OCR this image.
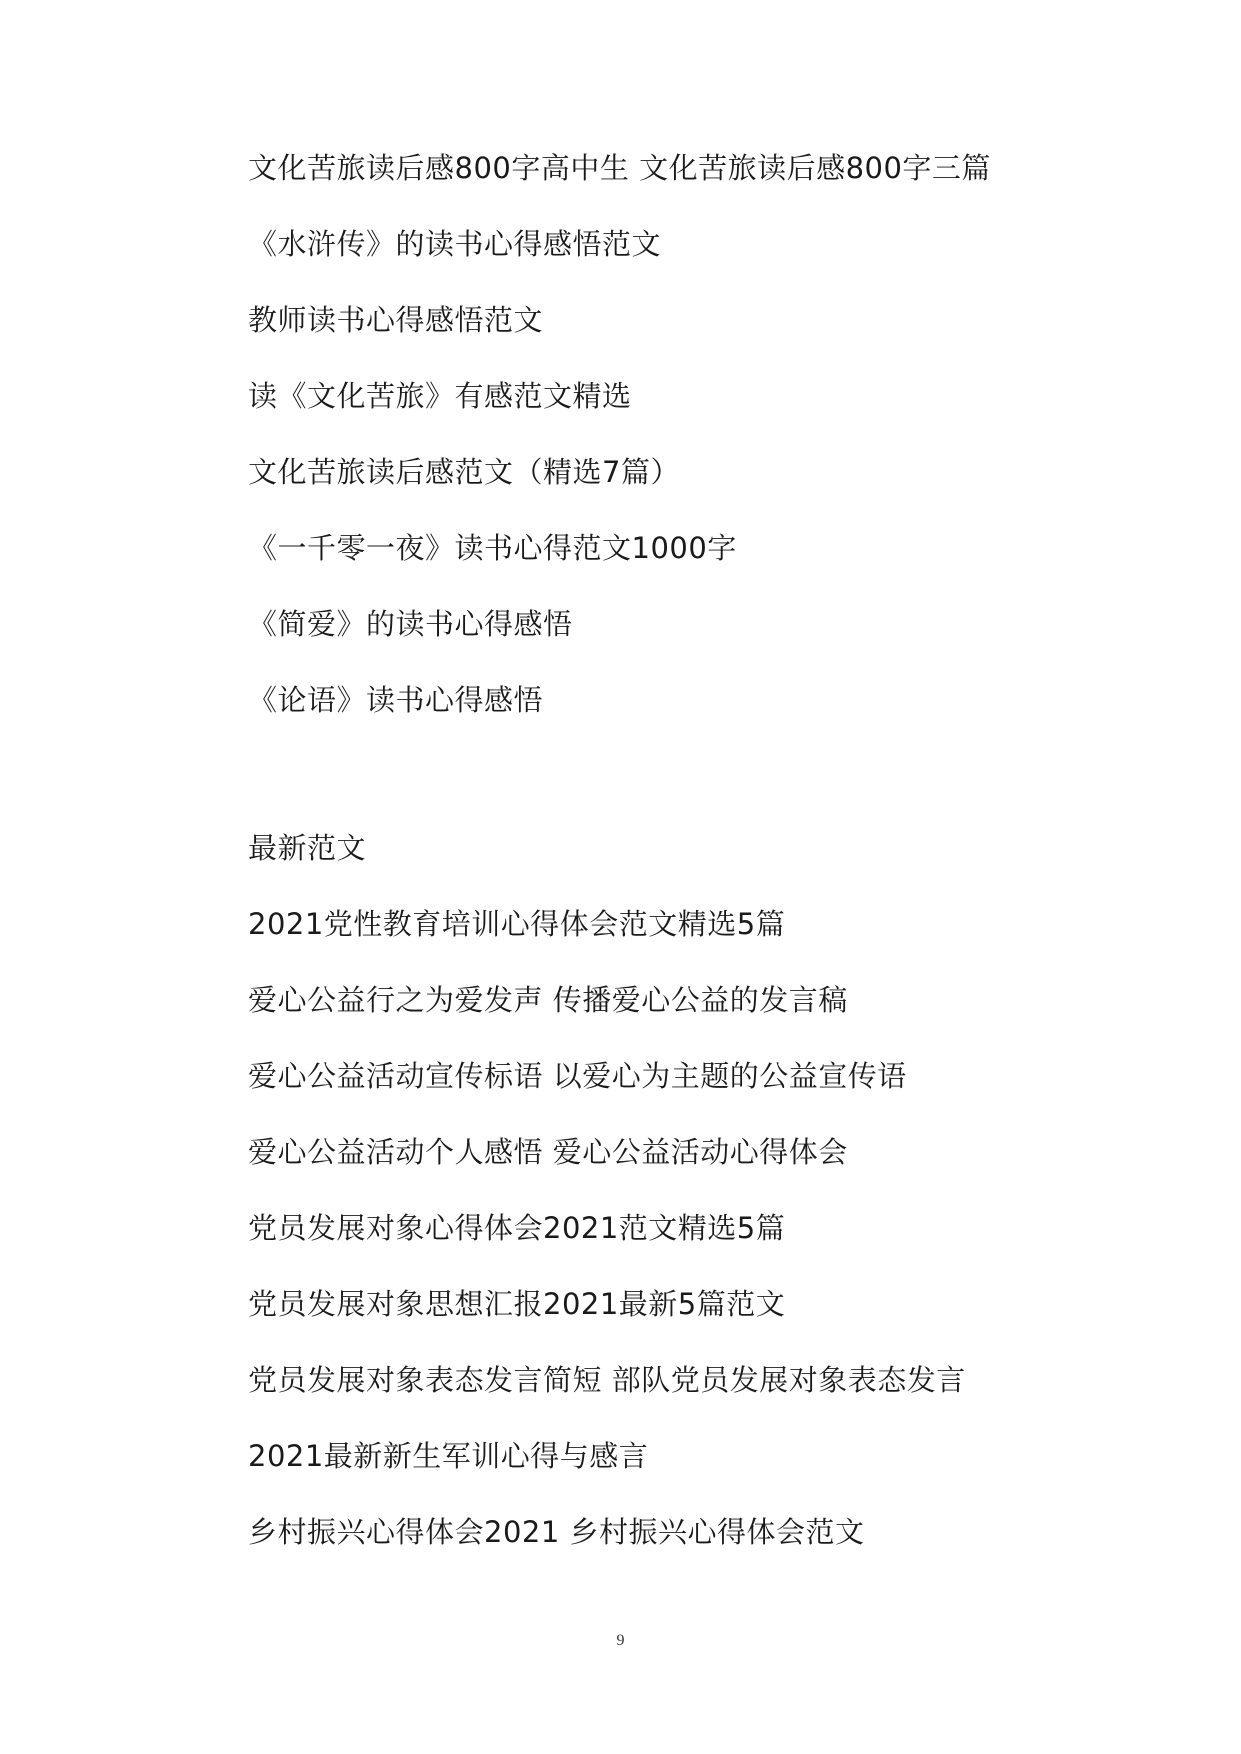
文化苦旅读后感800字高中生 文化苦旅读后感800字三篇
《水浒传》的读书心得感悟范文
教师读书心得感悟范文
读《文化苦旅》有感范文精选
文化苦旅读后感范文（精选7篇）
《一千零一夜》读书心得范文1000字
《简爱》的读书心得感悟
《论语》读书心得感悟
最新范文
2021党性教育培训心得体会范文精选5篇
爱心公益行之为爱发声 传播爱心公益的发言稿
爱心公益活动宣传标语 以爱心为主题的公益宣传语
爱心公益活动个人感悟 爱心公益活动心得体会
党员发展对象心得体会2021范文精选5篇
党员发展对象思想汇报2021最新5篇范文
党员发展对象表态发言简短 部队党员发展对象表态发言
2021最新新生军训心得与感言
乡村振兴心得体会2021 乡村振兴心得体会范文
9
